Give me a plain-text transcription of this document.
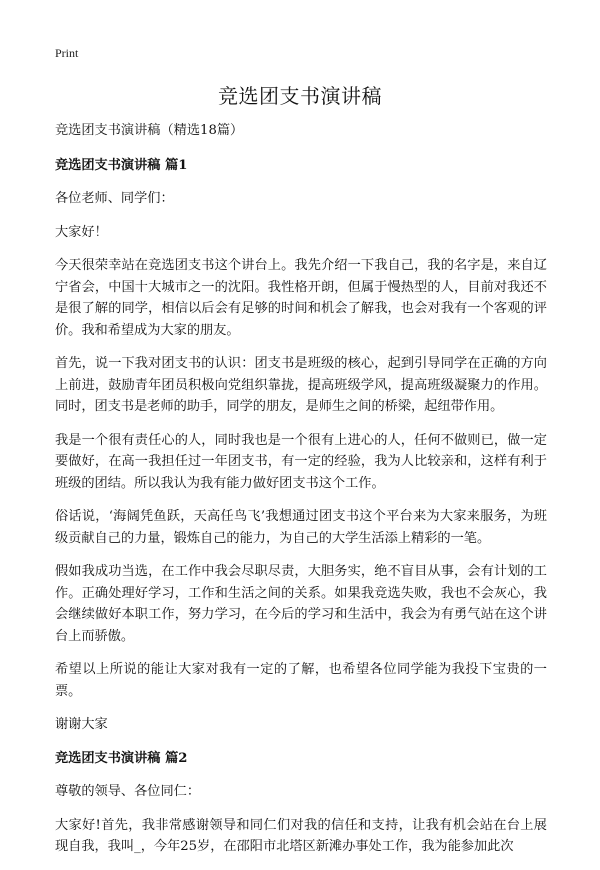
Print
竞选团支书演讲稿

竞选团支书演讲稿（精选18篇）

竞选团支书演讲稿 篇1

各位老师、同学们：

大家好！

今天很荣幸站在竞选团支书这个讲台上。我先介绍一下我自己，我的名字是，来自辽宁省会，中国十大城市之一的沈阳。我性格开朗，但属于慢热型的人，目前对我还不是很了解的同学，相信以后会有足够的时间和机会了解我，也会对我有一个客观的评价。我和希望成为大家的朋友。

首先，说一下我对团支书的认识：团支书是班级的核心，起到引导同学在正确的方向上前进，鼓励青年团员积极向党组织靠拢，提高班级学风，提高班级凝聚力的作用。同时，团支书是老师的助手，同学的朋友，是师生之间的桥梁，起纽带作用。

我是一个很有责任心的人，同时我也是一个很有上进心的人，任何不做则已，做一定要做好，在高一我担任过一年团支书，有一定的经验，我为人比较亲和，这样有利于班级的团结。所以我认为我有能力做好团支书这个工作。

俗话说，‘海阔凭鱼跃，天高任鸟飞’我想通过团支书这个平台来为大家来服务，为班级贡献自己的力量，锻炼自己的能力，为自己的大学生活添上精彩的一笔。

假如我成功当选，在工作中我会尽职尽责，大胆务实，绝不盲目从事，会有计划的工作。正确处理好学习，工作和生活之间的关系。如果我竞选失败，我也不会灰心，我会继续做好本职工作，努力学习，在今后的学习和生活中，我会为有勇气站在这个讲台上而骄傲。

希望以上所说的能让大家对我有一定的了解，也希望各位同学能为我投下宝贵的一票。

谢谢大家

竞选团支书演讲稿 篇2

尊敬的领导、各位同仁：

大家好!首先，我非常感谢领导和同仁们对我的信任和支持，让我有机会站在台上展现自我，我叫_，今年25岁，在邵阳市北塔区新滩办事处工作，我为能参加此次
